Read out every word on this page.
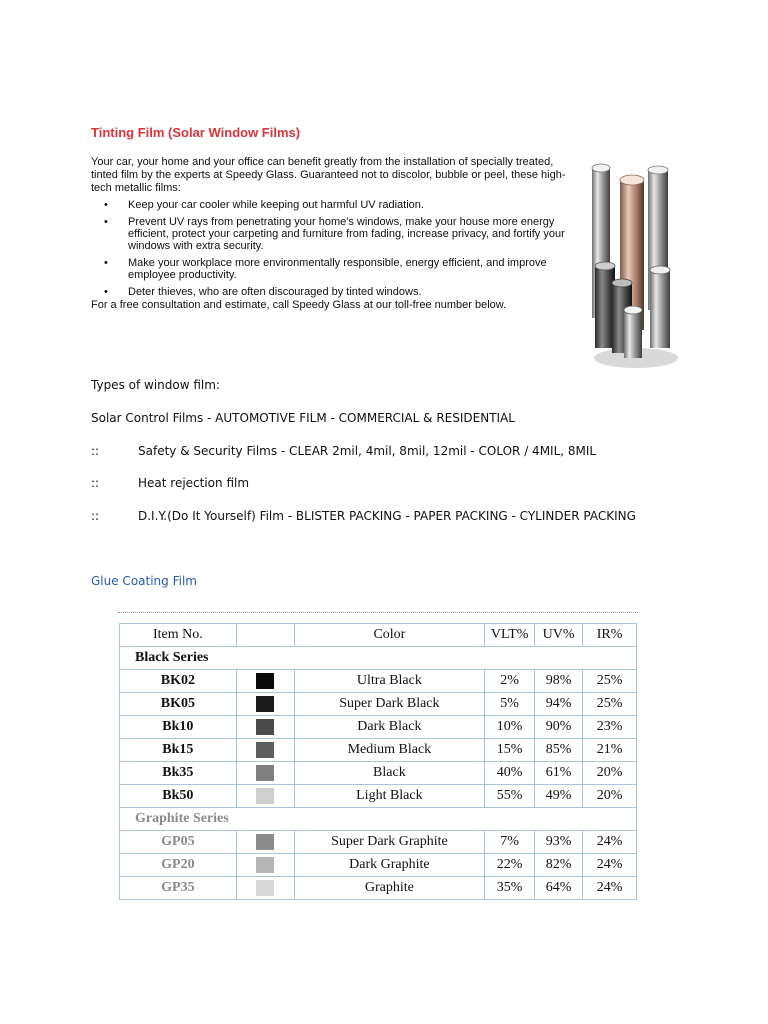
Tinting Film (Solar Window Films)
Your car, your home and your office can benefit greatly from the installation of specially treated, tinted film by the experts at Speedy Glass. Guaranteed not to discolor, bubble or peel, these high-tech metallic films:
• Keep your car cooler while keeping out harmful UV radiation.
• Prevent UV rays from penetrating your home's windows, make your house more energy efficient, protect your carpeting and furniture from fading, increase privacy, and fortify your windows with extra security.
• Make your workplace more environmentally responsible, energy efficient, and improve employee productivity.
• Deter thieves, who are often discouraged by tinted windows.
For a free consultation and estimate, call Speedy Glass at our toll-free number below.
Types of window film:
Solar Control Films - AUTOMOTIVE FILM - COMMERCIAL & RESIDENTIAL
::	Safety & Security Films - CLEAR 2mil, 4mil, 8mil, 12mil - COLOR / 4MIL, 8MIL
::	Heat rejection film
::	D.I.Y.(Do It Yourself) Film - BLISTER PACKING - PAPER PACKING - CYLINDER PACKING
Glue Coating Film
Item No.		Color	VLT%	UV%	IR%
Black Series					
BK02		Ultra Black	2%	98%	25%
BK05		Super Dark Black	5%	94%	25%
Bk10		Dark Black	10%	90%	23%
Bk15		Medium Black	15%	85%	21%
Bk35		Black	40%	61%	20%
Bk50		Light Black	55%	49%	20%
Graphite Series					
GP05		Super Dark Graphite	7%	93%	24%
GP20		Dark Graphite	22%	82%	24%
GP35		Graphite	35%	64%	24%
